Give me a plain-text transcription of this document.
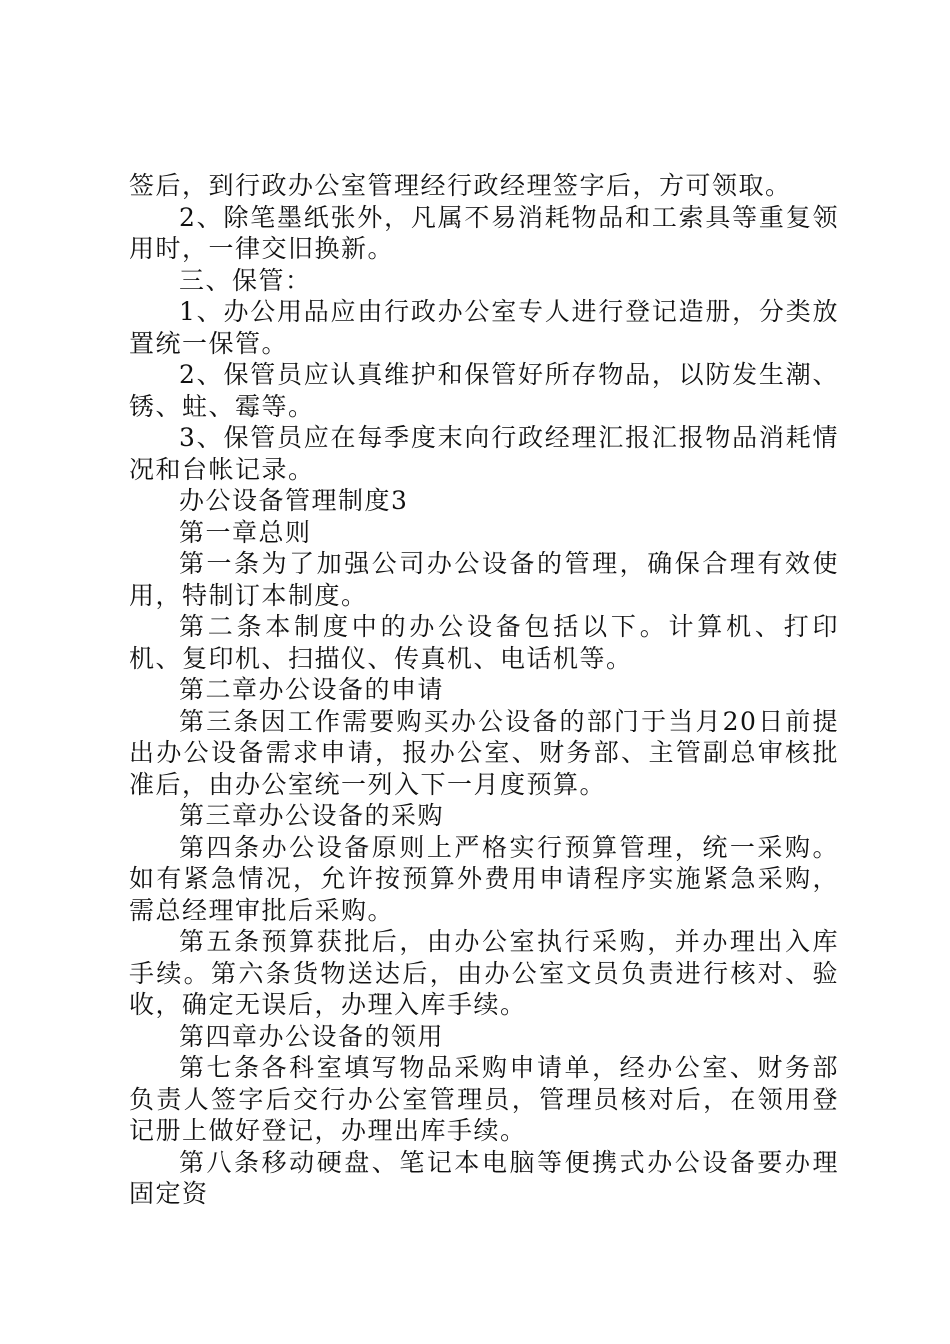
签后，到行政办公室管理经行政经理签字后，方可领取。

2、除笔墨纸张外，凡属不易消耗物品和工索具等重复领用时，一律交旧换新。

三、保管：

1、办公用品应由行政办公室专人进行登记造册，分类放置统一保管。

2、保管员应认真维护和保管好所存物品，以防发生潮、锈、蛀、霉等。

3、保管员应在每季度末向行政经理汇报汇报物品消耗情况和台帐记录。

办公设备管理制度3

第一章总则

第一条为了加强公司办公设备的管理，确保合理有效使用，特制订本制度。

第二条本制度中的办公设备包括以下。计算机、打印机、复印机、扫描仪、传真机、电话机等。

第二章办公设备的申请

第三条因工作需要购买办公设备的部门于当月20日前提出办公设备需求申请，报办公室、财务部、主管副总审核批准后，由办公室统一列入下一月度预算。

第三章办公设备的采购

第四条办公设备原则上严格实行预算管理，统一采购。如有紧急情况，允许按预算外费用申请程序实施紧急采购，需总经理审批后采购。

第五条预算获批后，由办公室执行采购，并办理出入库手续。第六条货物送达后，由办公室文员负责进行核对、验收，确定无误后，办理入库手续。

第四章办公设备的领用

第七条各科室填写物品采购申请单，经办公室、财务部负责人签字后交行办公室管理员，管理员核对后，在领用登记册上做好登记，办理出库手续。

第八条移动硬盘、笔记本电脑等便携式办公设备要办理固定资
